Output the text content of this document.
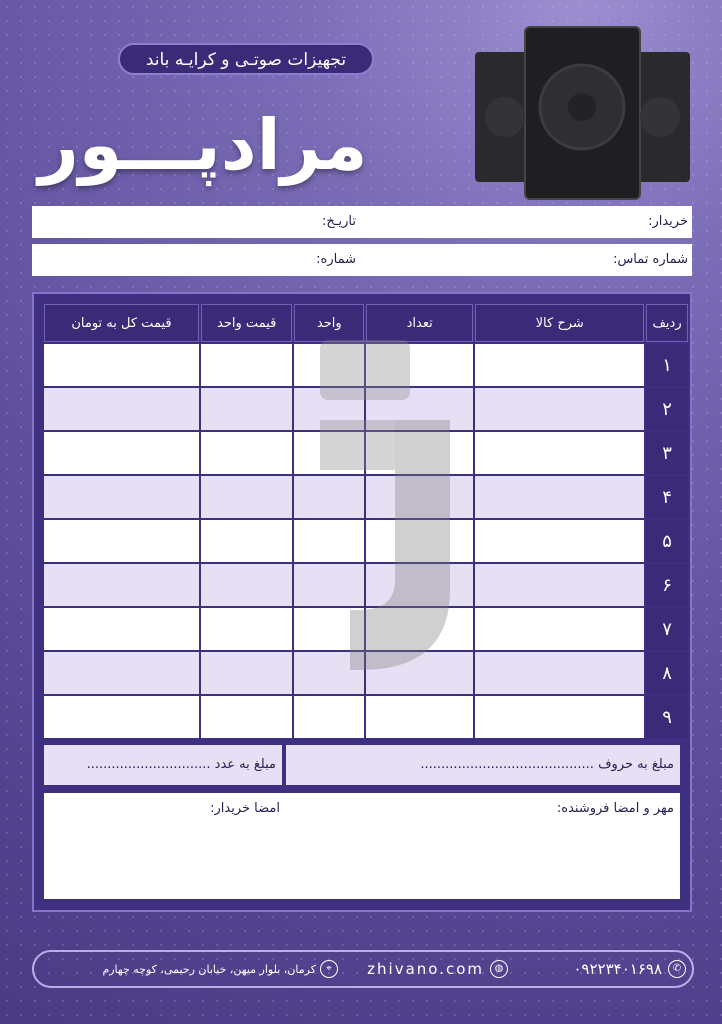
تجهیزات صوتـی و کرایـه باند
مرادپـــور
خریدار:
تاریـخ:
شماره تماس:
شماره:
ردیف	شرح کالا	تعداد	واحد	قیمت واحد	قیمت کل به تومان
۱					
۲					
۳					
۴					
۵					
۶					
۷					
۸					
۹					
مبلغ به حروف ..........................................
مبلغ به عدد ..............................
مهر و امضا فروشنده:
امضا خریدار:
✆
۰۹۲۲۳۴۰۱۶۹۸
◍
zhivano.com
⌖
کرمان، بلوار میهن، خیابان رحیمی، کوچه چهارم
